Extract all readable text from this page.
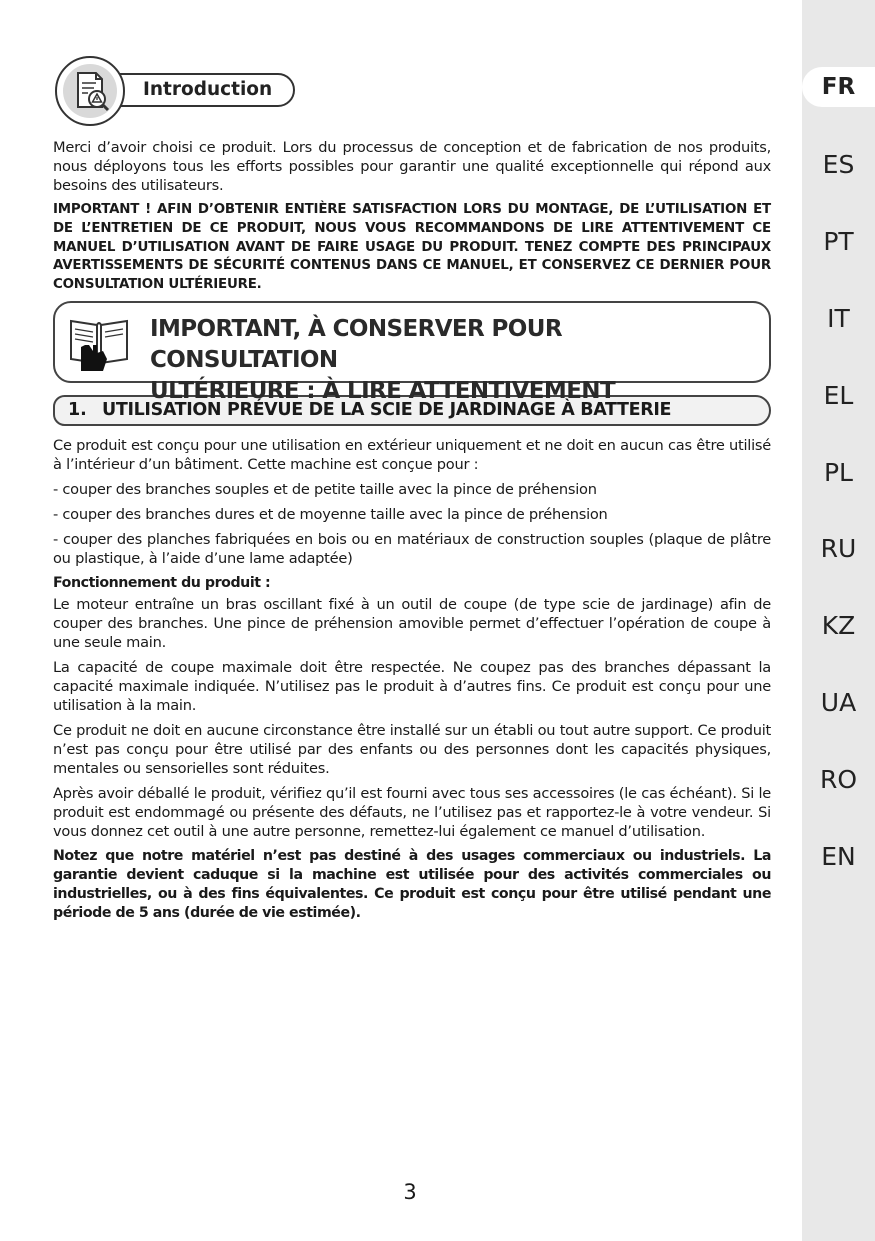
FR
ES
PT
IT
EL
PL
RU
KZ
UA
RO
EN
Introduction

Merci d’avoir choisi ce produit. Lors du processus de conception et de fabrication de nos produits, nous déployons tous les efforts possibles pour garantir une qualité exceptionnelle qui répond aux besoins des utilisateurs.

IMPORTANT ! AFIN D’OBTENIR ENTIÈRE SATISFACTION LORS DU MONTAGE, DE L’UTILISATION ET DE L’ENTRETIEN DE CE PRODUIT, NOUS VOUS RECOMMANDONS DE LIRE ATTENTIVEMENT CE MANUEL D’UTILISATION AVANT DE FAIRE USAGE DU PRODUIT. TENEZ COMPTE DES PRINCIPAUX AVERTISSEMENTS DE SÉCURITÉ CONTENUS DANS CE MANUEL, ET CONSERVEZ CE DERNIER POUR CONSULTATION ULTÉRIEURE.

IMPORTANT, À CONSERVER POUR CONSULTATION
ULTÉRIEURE : À LIRE ATTENTIVEMENT
1. UTILISATION PRÉVUE DE LA SCIE DE JARDINAGE À BATTERIE

Ce produit est conçu pour une utilisation en extérieur uniquement et ne doit en aucun cas être utilisé à l’intérieur d’un bâtiment. Cette machine est conçue pour :

- couper des branches souples et de petite taille avec la pince de préhension

- couper des branches dures et de moyenne taille avec la pince de préhension

- couper des planches fabriquées en bois ou en matériaux de construction souples (plaque de plâtre ou plastique, à l’aide d’une lame adaptée)

Fonctionnement du produit :

Le moteur entraîne un bras oscillant fixé à un outil de coupe (de type scie de jardinage) afin de couper des branches. Une pince de préhension amovible permet d’effectuer l’opération de coupe à une seule main.

La capacité de coupe maximale doit être respectée. Ne coupez pas des branches dépassant la capacité maximale indiquée. N’utilisez pas le produit à d’autres fins. Ce produit est conçu pour une utilisation à la main.

Ce produit ne doit en aucune circonstance être installé sur un établi ou tout autre support. Ce produit n’est pas conçu pour être utilisé par des enfants ou des personnes dont les capacités physiques, mentales ou sensorielles sont réduites.

Après avoir déballé le produit, vérifiez qu’il est fourni avec tous ses accessoires (le cas échéant). Si le produit est endommagé ou présente des défauts, ne l’utilisez pas et rapportez-le à votre vendeur. Si vous donnez cet outil à une autre personne, remettez-lui également ce manuel d’utilisation.

Notez que notre matériel n’est pas destiné à des usages commerciaux ou industriels. La garantie devient caduque si la machine est utilisée pour des activités commerciales ou industrielles, ou à des fins équivalentes. Ce produit est conçu pour être utilisé pendant une période de 5 ans (durée de vie estimée).

3
